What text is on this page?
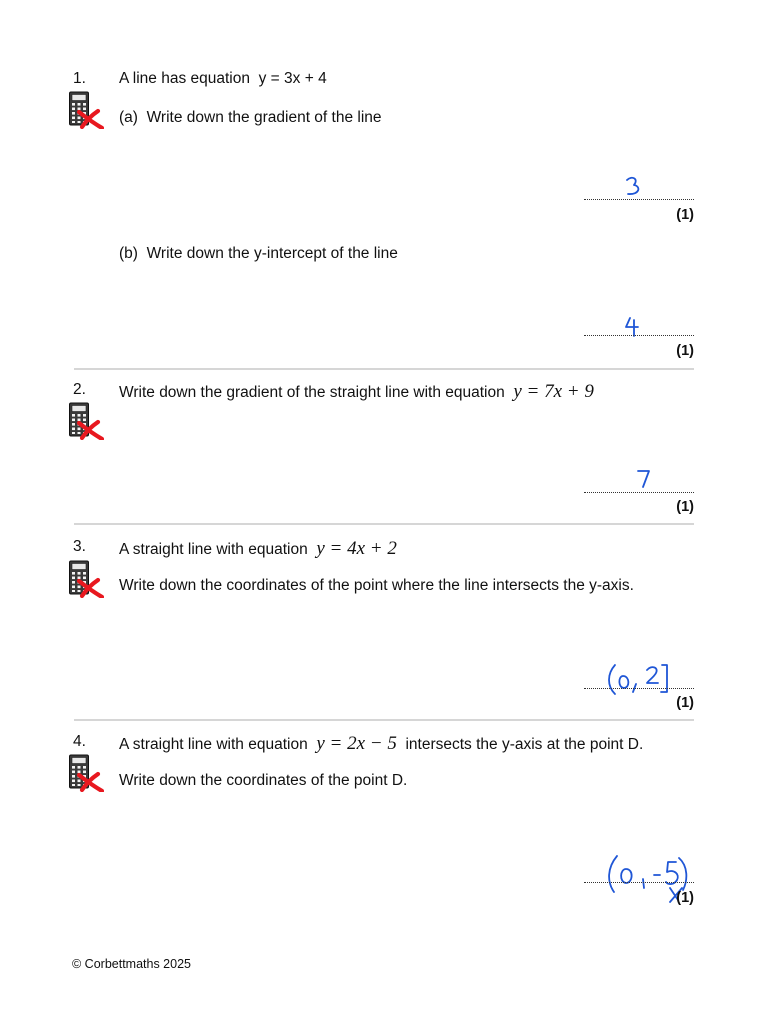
1. A line has equation y = 3x + 4
(a) Write down the gradient of the line
(1)
(b) Write down the y-intercept of the line
(1)
2. Write down the gradient of the straight line with equation y = 7x + 9
(1)
3. A straight line with equation y = 4x + 2
Write down the coordinates of the point where the line intersects the y-axis.
(1)
4. A straight line with equation y = 2x − 5 intersects the y-axis at the point D.
Write down the coordinates of the point D.
(1)
© Corbettmaths 2025
